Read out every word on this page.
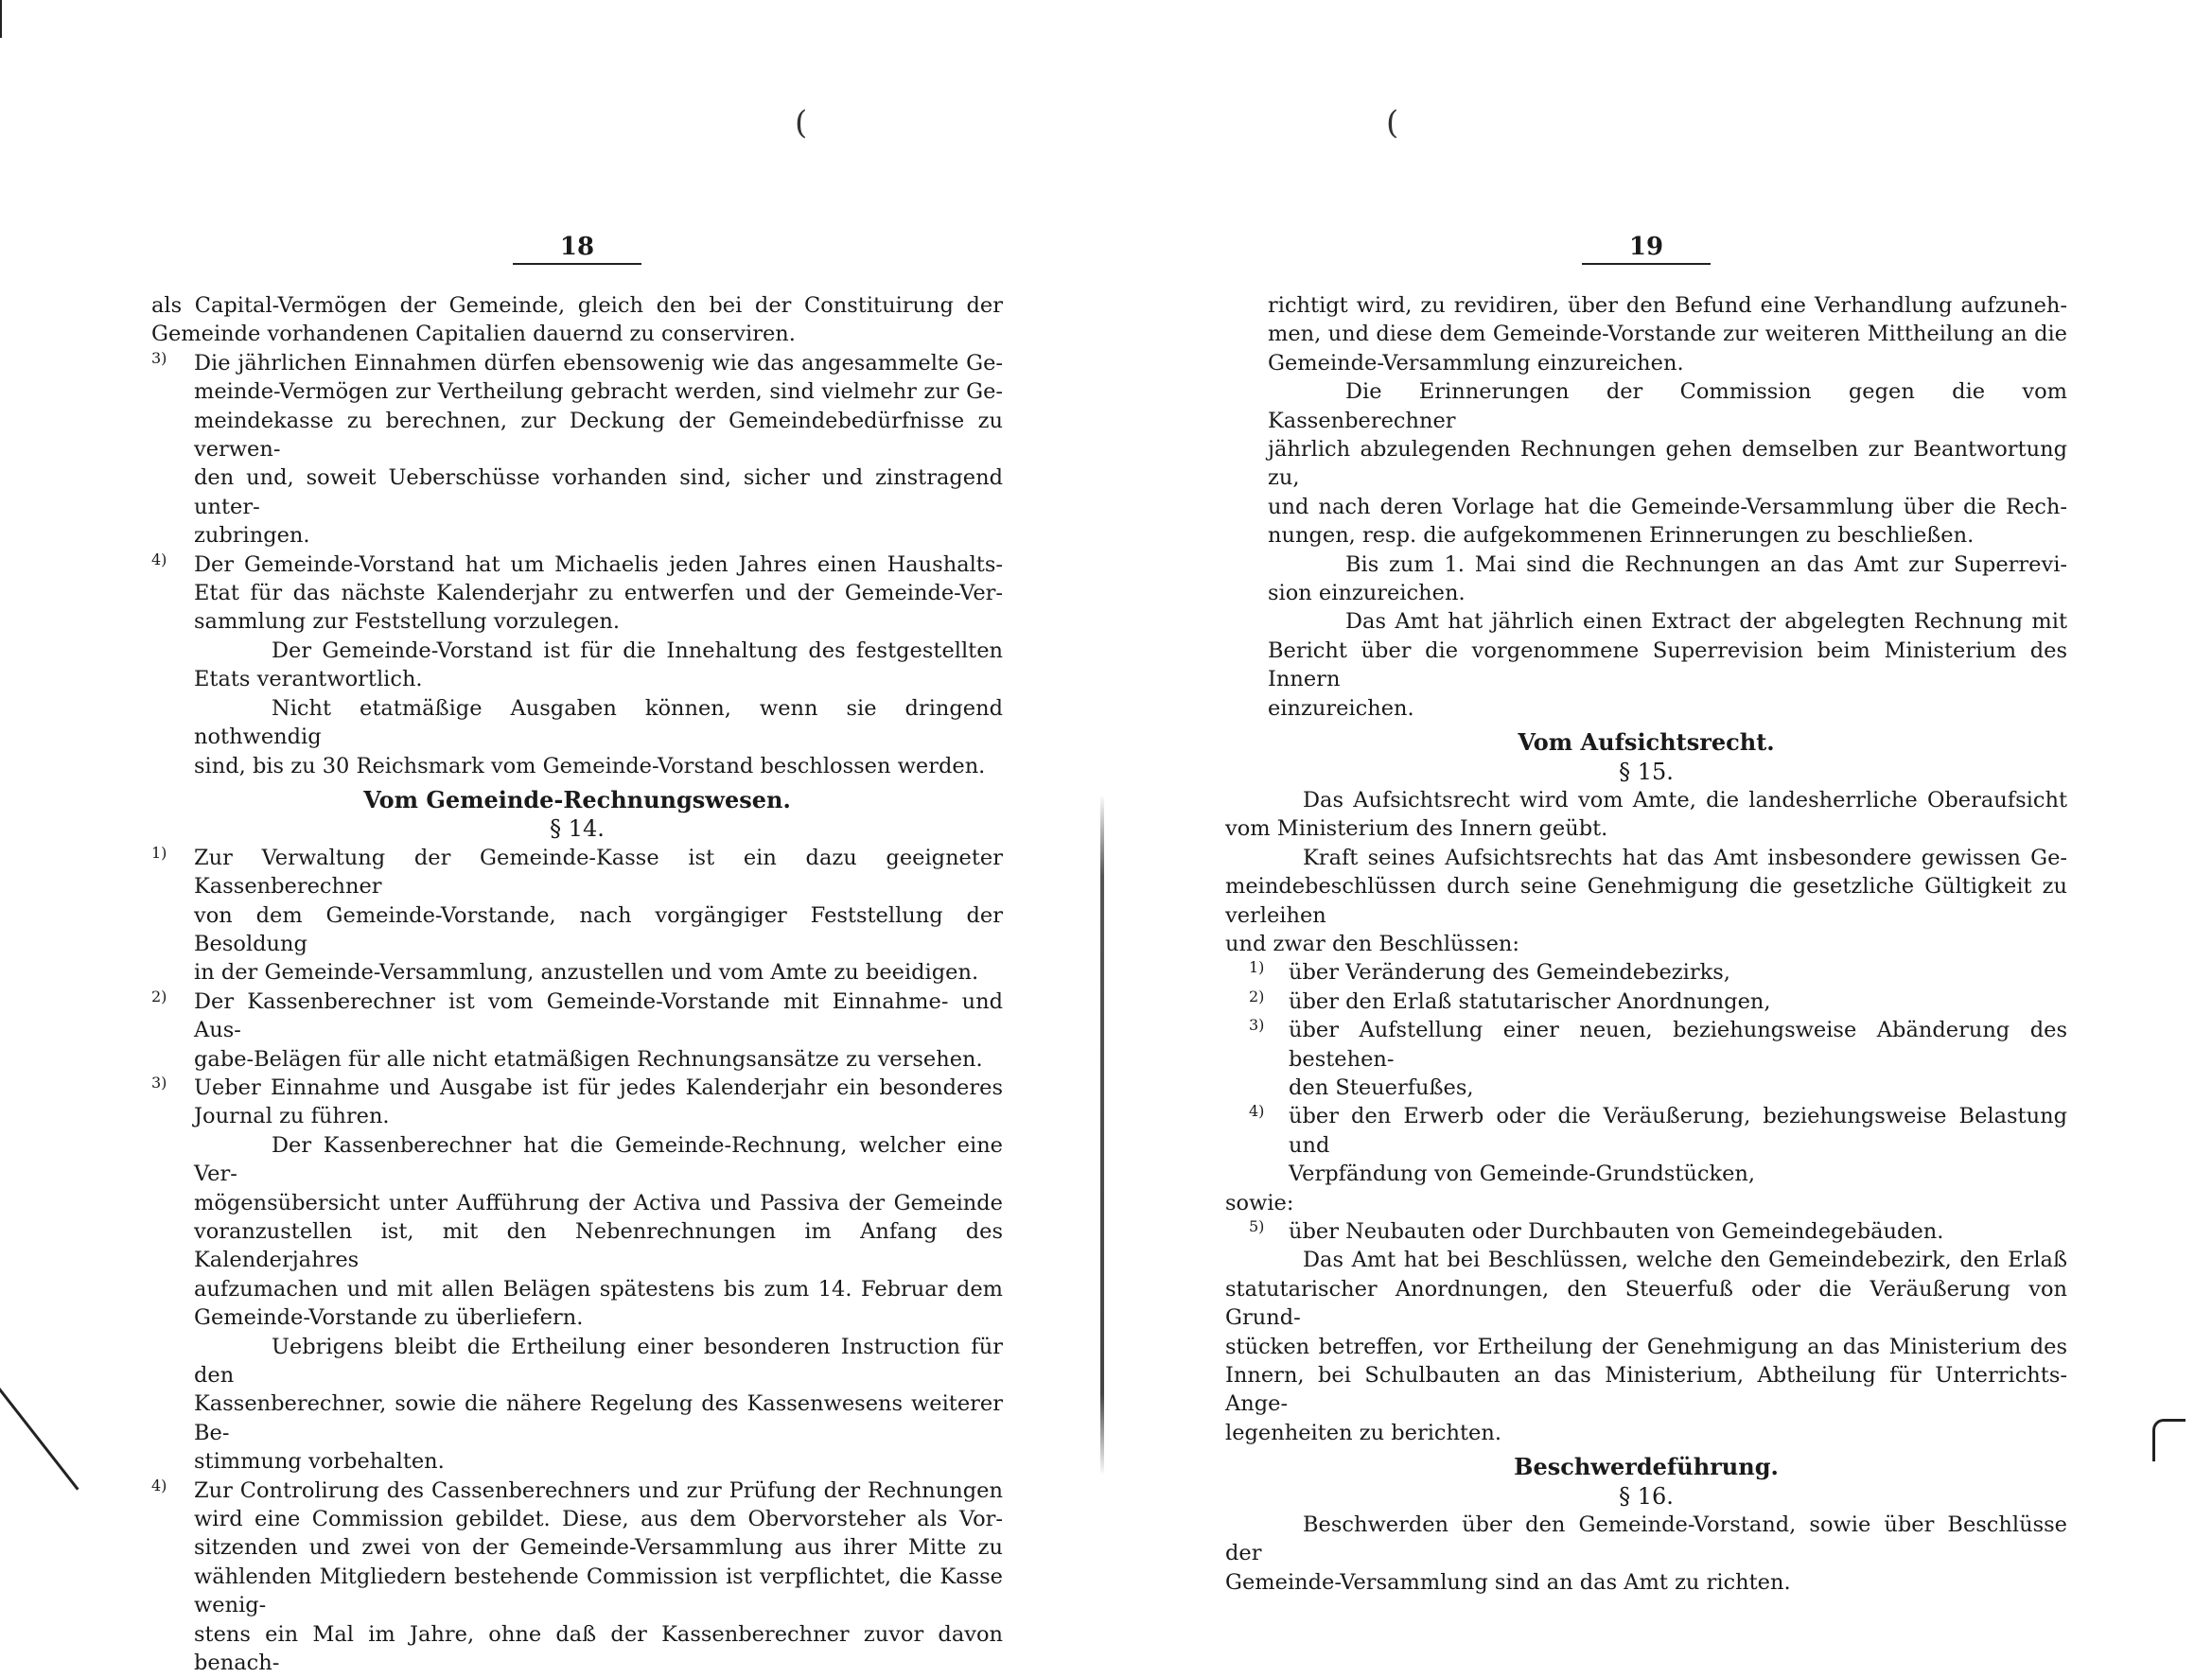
(
18

als Capital-Vermögen der Gemeinde, gleich den bei der Constituirung der

Gemeinde vorhandenen Capitalien dauernd zu conserviren.

3) Die jährlichen Einnahmen dürfen ebensowenig wie das angesammelte Ge-

meinde-Vermögen zur Vertheilung gebracht werden, sind vielmehr zur Ge-

meindekasse zu berechnen, zur Deckung der Gemeindebedürfnisse zu verwen-

den und, soweit Ueberschüsse vorhanden sind, sicher und zinstragend unter-

zubringen.

4) Der Gemeinde-Vorstand hat um Michaelis jeden Jahres einen Haushalts-

Etat für das nächste Kalenderjahr zu entwerfen und der Gemeinde-Ver-

sammlung zur Feststellung vorzulegen.

Der Gemeinde-Vorstand ist für die Innehaltung des festgestellten

Etats verantwortlich.

Nicht etatmäßige Ausgaben können, wenn sie dringend nothwendig

sind, bis zu 30 Reichsmark vom Gemeinde-Vorstand beschlossen werden.

Vom Gemeinde-Rechnungswesen.
§ 14.
1) Zur Verwaltung der Gemeinde-Kasse ist ein dazu geeigneter Kassenberechner

von dem Gemeinde-Vorstande, nach vorgängiger Feststellung der Besoldung

in der Gemeinde-Versammlung, anzustellen und vom Amte zu beeidigen.

2) Der Kassenberechner ist vom Gemeinde-Vorstande mit Einnahme- und Aus-

gabe-Belägen für alle nicht etatmäßigen Rechnungsansätze zu versehen.

3) Ueber Einnahme und Ausgabe ist für jedes Kalenderjahr ein besonderes

Journal zu führen.

Der Kassenberechner hat die Gemeinde-Rechnung, welcher eine Ver-

mögensübersicht unter Aufführung der Activa und Passiva der Gemeinde

voranzustellen ist, mit den Nebenrechnungen im Anfang des Kalenderjahres

aufzumachen und mit allen Belägen spätestens bis zum 14. Februar dem

Gemeinde-Vorstande zu überliefern.

Uebrigens bleibt die Ertheilung einer besonderen Instruction für den

Kassenberechner, sowie die nähere Regelung des Kassenwesens weiterer Be-

stimmung vorbehalten.

4) Zur Controlirung des Cassenberechners und zur Prüfung der Rechnungen

wird eine Commission gebildet. Diese, aus dem Obervorsteher als Vor-

sitzenden und zwei von der Gemeinde-Versammlung aus ihrer Mitte zu

wählenden Mitgliedern bestehende Commission ist verpflichtet, die Kasse wenig-

stens ein Mal im Jahre, ohne daß der Kassenberechner zuvor davon benach-

(
19

richtigt wird, zu revidiren, über den Befund eine Verhandlung aufzuneh-

men, und diese dem Gemeinde-Vorstande zur weiteren Mittheilung an die

Gemeinde-Versammlung einzureichen.

Die Erinnerungen der Commission gegen die vom Kassenberechner

jährlich abzulegenden Rechnungen gehen demselben zur Beantwortung zu,

und nach deren Vorlage hat die Gemeinde-Versammlung über die Rech-

nungen, resp. die aufgekommenen Erinnerungen zu beschließen.

Bis zum 1. Mai sind die Rechnungen an das Amt zur Superrevi-

sion einzureichen.

Das Amt hat jährlich einen Extract der abgelegten Rechnung mit

Bericht über die vorgenommene Superrevision beim Ministerium des Innern

einzureichen.

Vom Aufsichtsrecht.
§ 15.

Das Aufsichtsrecht wird vom Amte, die landesherrliche Oberaufsicht

vom Ministerium des Innern geübt.

Kraft seines Aufsichtsrechts hat das Amt insbesondere gewissen Ge-

meindebeschlüssen durch seine Genehmigung die gesetzliche Gültigkeit zu verleihen

und zwar den Beschlüssen:

1) über Veränderung des Gemeindebezirks,

2) über den Erlaß statutarischer Anordnungen,

3) über Aufstellung einer neuen, beziehungsweise Abänderung des bestehen-

den Steuerfußes,

4) über den Erwerb oder die Veräußerung, beziehungsweise Belastung und

Verpfändung von Gemeinde-Grundstücken,

sowie:

5) über Neubauten oder Durchbauten von Gemeindegebäuden.

Das Amt hat bei Beschlüssen, welche den Gemeindebezirk, den Erlaß

statutarischer Anordnungen, den Steuerfuß oder die Veräußerung von Grund-

stücken betreffen, vor Ertheilung der Genehmigung an das Ministerium des

Innern, bei Schulbauten an das Ministerium, Abtheilung für Unterrichts-Ange-

legenheiten zu berichten.

Beschwerdeführung.
§ 16.

Beschwerden über den Gemeinde-Vorstand, sowie über Beschlüsse der

Gemeinde-Versammlung sind an das Amt zu richten.
